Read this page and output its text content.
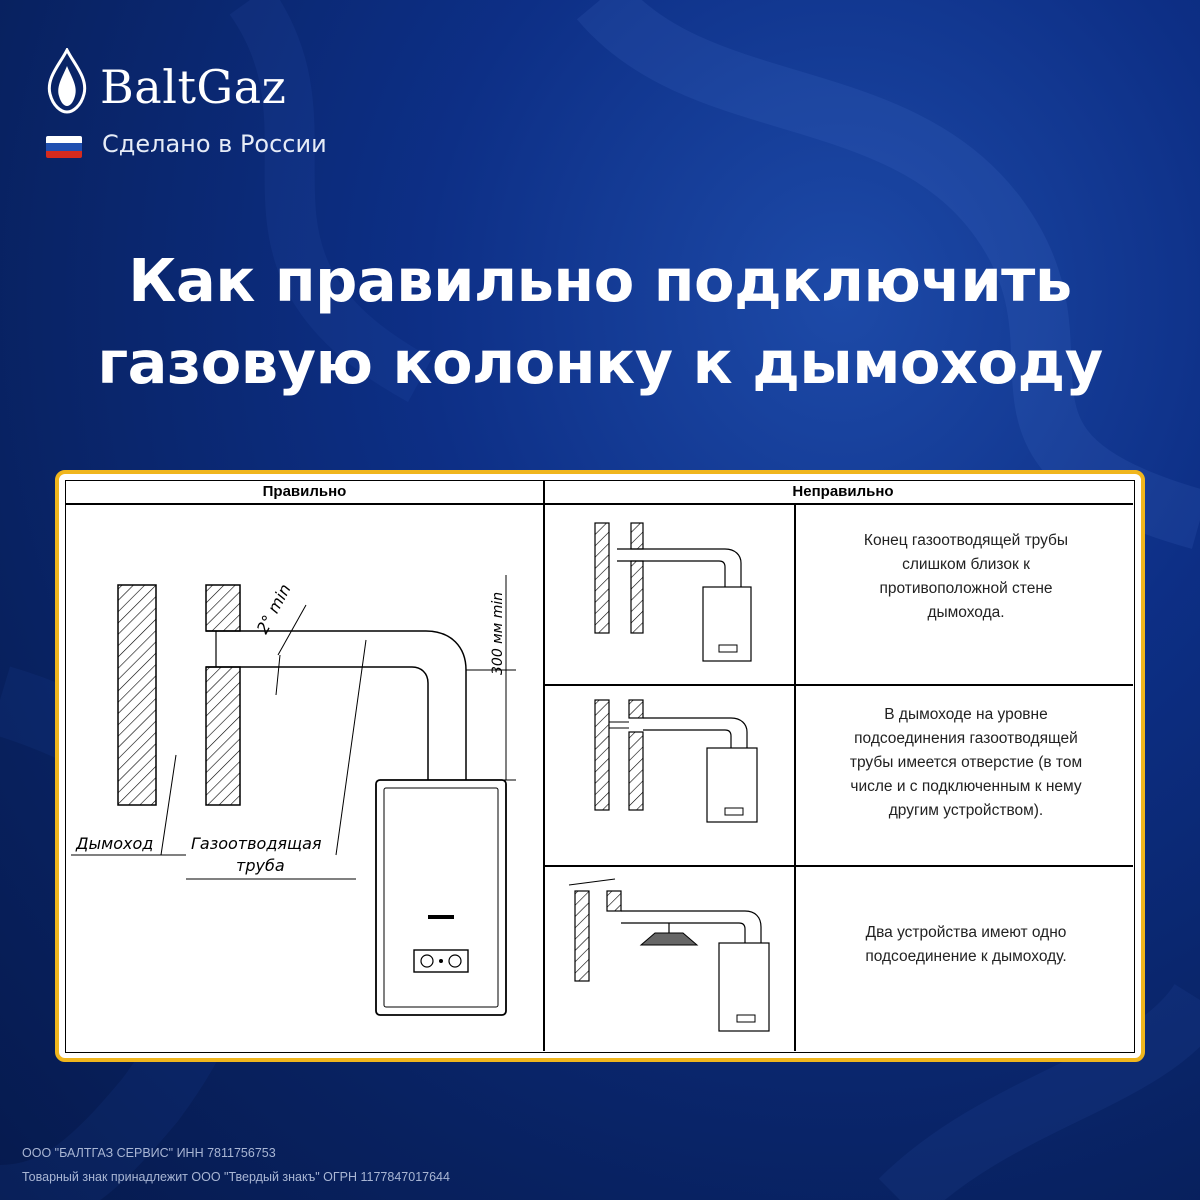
BaltGaz
Сделано в России
Как правильно подключить
газовую колонку к дымоходу
Правильно	Неправильно
2° min	300 мм min
Дымоход Газоотводящая
труба
Конец газоотводящей трубы
слишком близок к
противоположной стене
дымохода.
В дымоходе на уровне
подсоединения газоотводящей
трубы имеется отверстие (в том
числе и с подключенным к нему
другим устройством).
Два устройства имеют одно
подсоединение к дымоходу.
ООО "БАЛТГАЗ СЕРВИС" ИНН 7811756753
Товарный знак принадлежит ООО "Твердый знакъ" ОГРН 1177847017644
